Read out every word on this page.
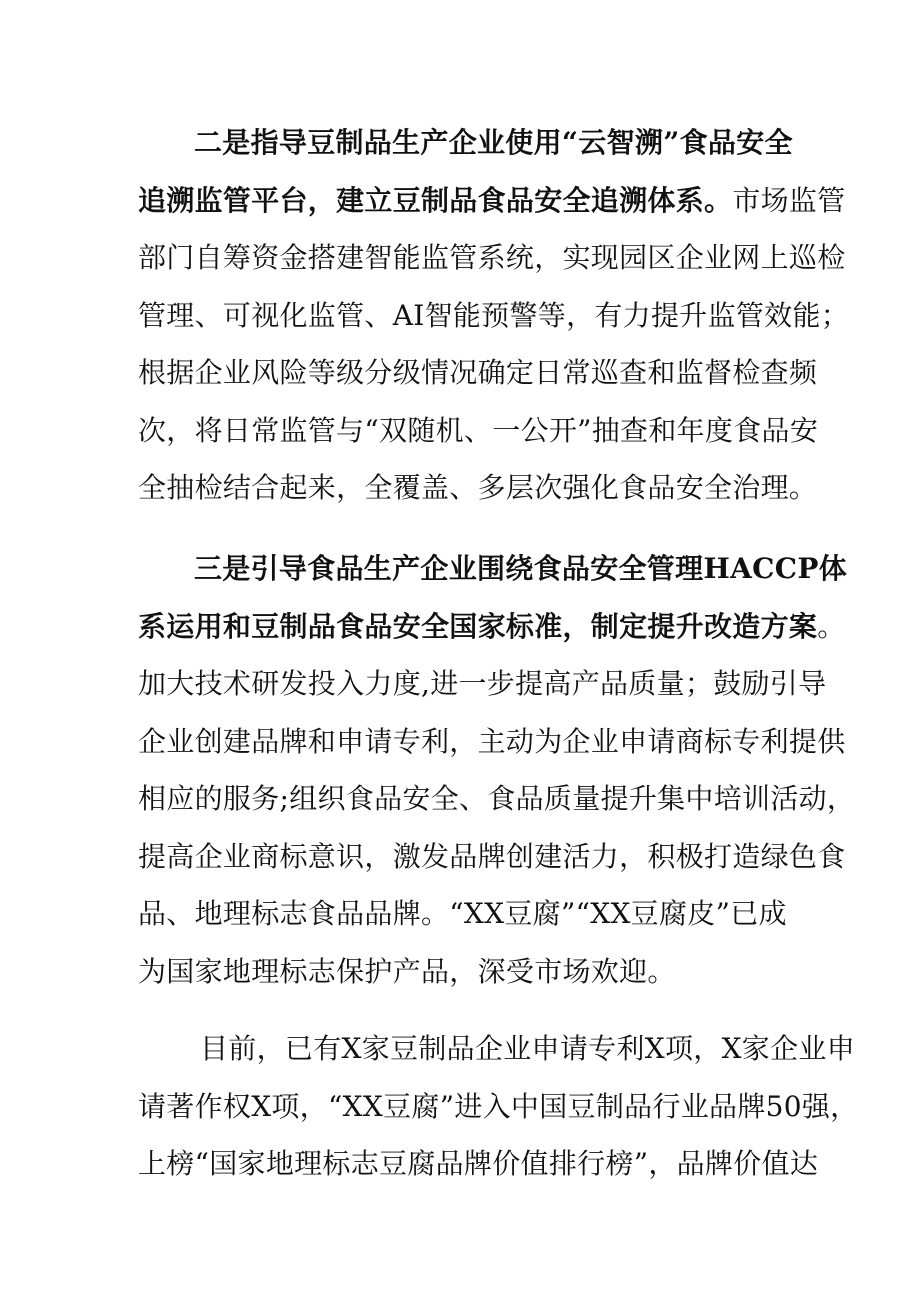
二是指导豆制品生产企业使用“云智溯”食品安全
追溯监管平台，建立豆制品食品安全追溯体系。市场监管
部门自筹资金搭建智能监管系统，实现园区企业网上巡检
管理、可视化监管、AI智能预警等，有力提升监管效能；
根据企业风险等级分级情况确定日常巡查和监督检查频
次，将日常监管与“双随机、一公开”抽查和年度食品安
全抽检结合起来，全覆盖、多层次强化食品安全治理。
三是引导食品生产企业围绕食品安全管理HACCP体
系运用和豆制品食品安全国家标准，制定提升改造方案。
加大技术研发投入力度,进一步提高产品质量；鼓励引导
企业创建品牌和申请专利，主动为企业申请商标专利提供
相应的服务;组织食品安全、食品质量提升集中培训活动，
提高企业商标意识，激发品牌创建活力，积极打造绿色食
品、地理标志食品品牌。“XX豆腐”“XX豆腐皮”已成
为国家地理标志保护产品，深受市场欢迎。
目前，已有X家豆制品企业申请专利X项，X家企业申
请著作权X项，“XX豆腐”进入中国豆制品行业品牌50强，
上榜“国家地理标志豆腐品牌价值排行榜”，品牌价值达
